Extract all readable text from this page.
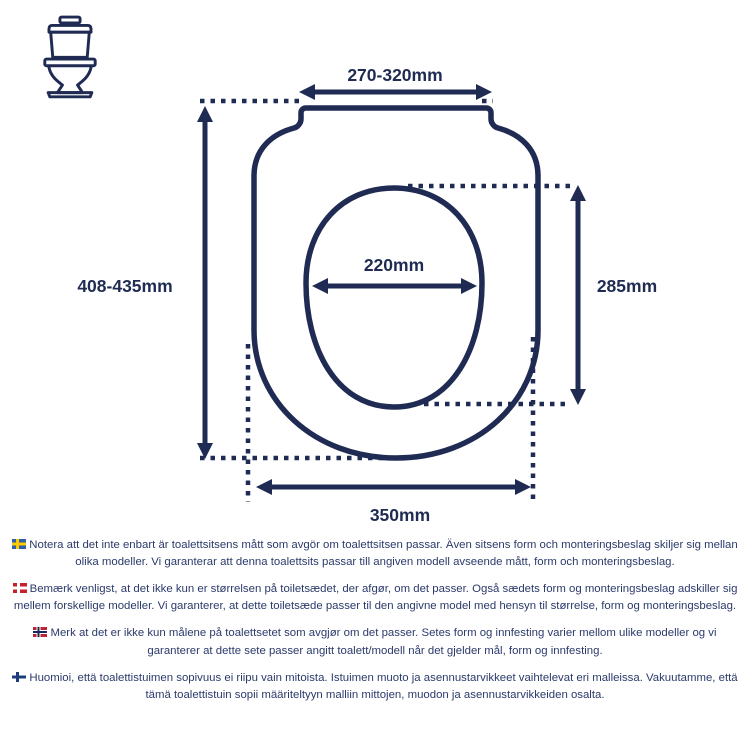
270-320mm
408-435mm
220mm
285mm
350mm

Notera att det inte enbart är toalettsitsens mått som avgör om toalettsitsen passar. Även sitsens form och monteringsbeslag skiljer sig mellan olika modeller. Vi garanterar att denna toalettsits passar till angiven modell avseende mått, form och monteringsbeslag.

Bemærk venligst, at det ikke kun er størrelsen på toiletsædet, der afgør, om det passer. Også sædets form og monteringsbeslag adskiller sig mellem forskellige modeller. Vi garanterer, at dette toiletsæde passer til den angivne model med hensyn til størrelse, form og monteringsbeslag.

Merk at det er ikke kun målene på toalettsetet som avgjør om det passer. Setes form og innfesting varier mellom ulike modeller og vi garanterer at dette sete passer angitt toalett/modell når det gjelder mål, form og innfesting.

Huomioi, että toalettistuimen sopivuus ei riipu vain mitoista. Istuimen muoto ja asennustarvikkeet vaihtelevat eri malleissa. Vakuutamme, että tämä toalettistuin sopii määriteltyyn malliin mittojen, muodon ja asennustarvikkeiden osalta.
